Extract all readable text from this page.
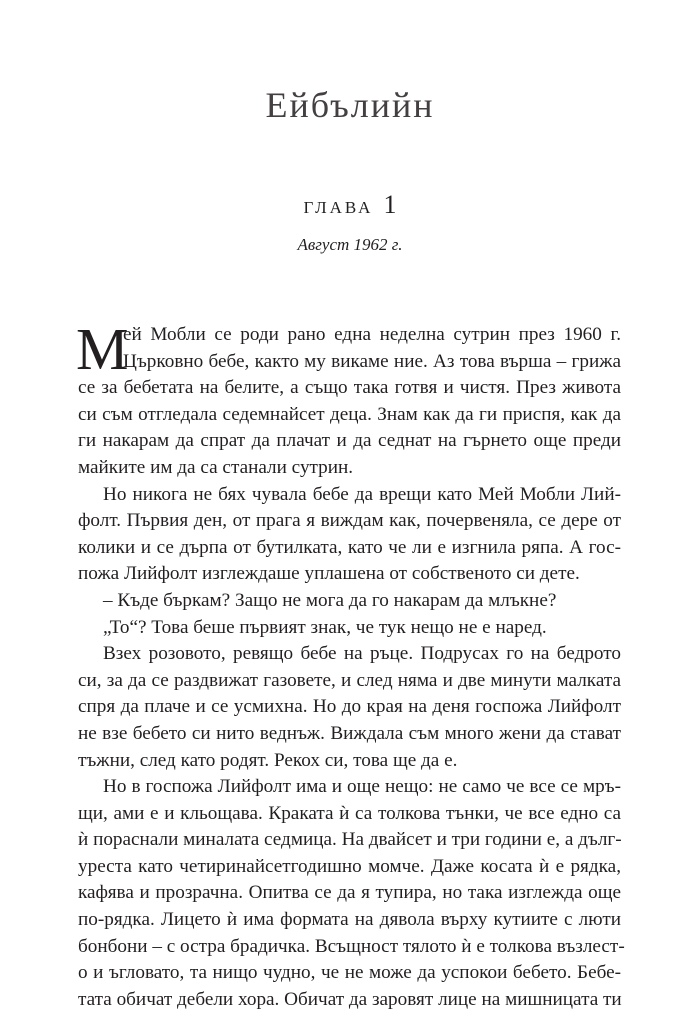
Ейбълийн
ГЛАВА 1

Август 1962 г.

М
ей Мобли се роди рано една неделна сутрин през 1960 г.
Църковно бебе, както му викаме ние. Аз това върша – грижа
се за бебетата на белите, а също така готвя и чистя. През живота
си съм отгледала седемнайсет деца. Знам как да ги приспя, как да
ги накарам да спрат да плачат и да седнат на гърнето още преди
майките им да са станали сутрин.
Но никога не бях чувала бебе да врещи като Мей Мобли Лий-
фолт. Първия ден, от прага я виждам как, почервеняла, се дере от
колики и се дърпа от бутилката, като че ли е изгнила ряпа. А гос-
пожа Лийфолт изглеждаше уплашена от собственото си дете.
– Къде бъркам? Защо не мога да го накарам да млъкне?
„То“? Това беше първият знак, че тук нещо не е наред.
Взех розовото, ревящо бебе на ръце. Подрусах го на бедрото
си, за да се раздвижат газовете, и след няма и две минути малката
спря да плаче и се усмихна. Но до края на деня госпожа Лийфолт
не взе бебето си нито веднъж. Виждала съм много жени да стават
тъжни, след като родят. Рекох си, това ще да е.
Но в госпожа Лийфолт има и още нещо: не само че все се мръ-
щи, ами е и кльощава. Краката ѝ са толкова тънки, че все едно са
ѝ пораснали миналата седмица. На двайсет и три години е, а дълг-
уреста като четиринайсетгодишно момче. Даже косата ѝ е рядка,
кафява и прозрачна. Опитва се да я тупира, но така изглежда още
по-рядка. Лицето ѝ има формата на дявола върху кутиите с люти
бонбони – с остра брадичка. Всъщност тялото ѝ е толкова възлест-
о и ъгловато, та нищо чудно, че не може да успокои бебето. Бебе-
тата обичат дебели хора. Обичат да заровят лице на мишницата ти
